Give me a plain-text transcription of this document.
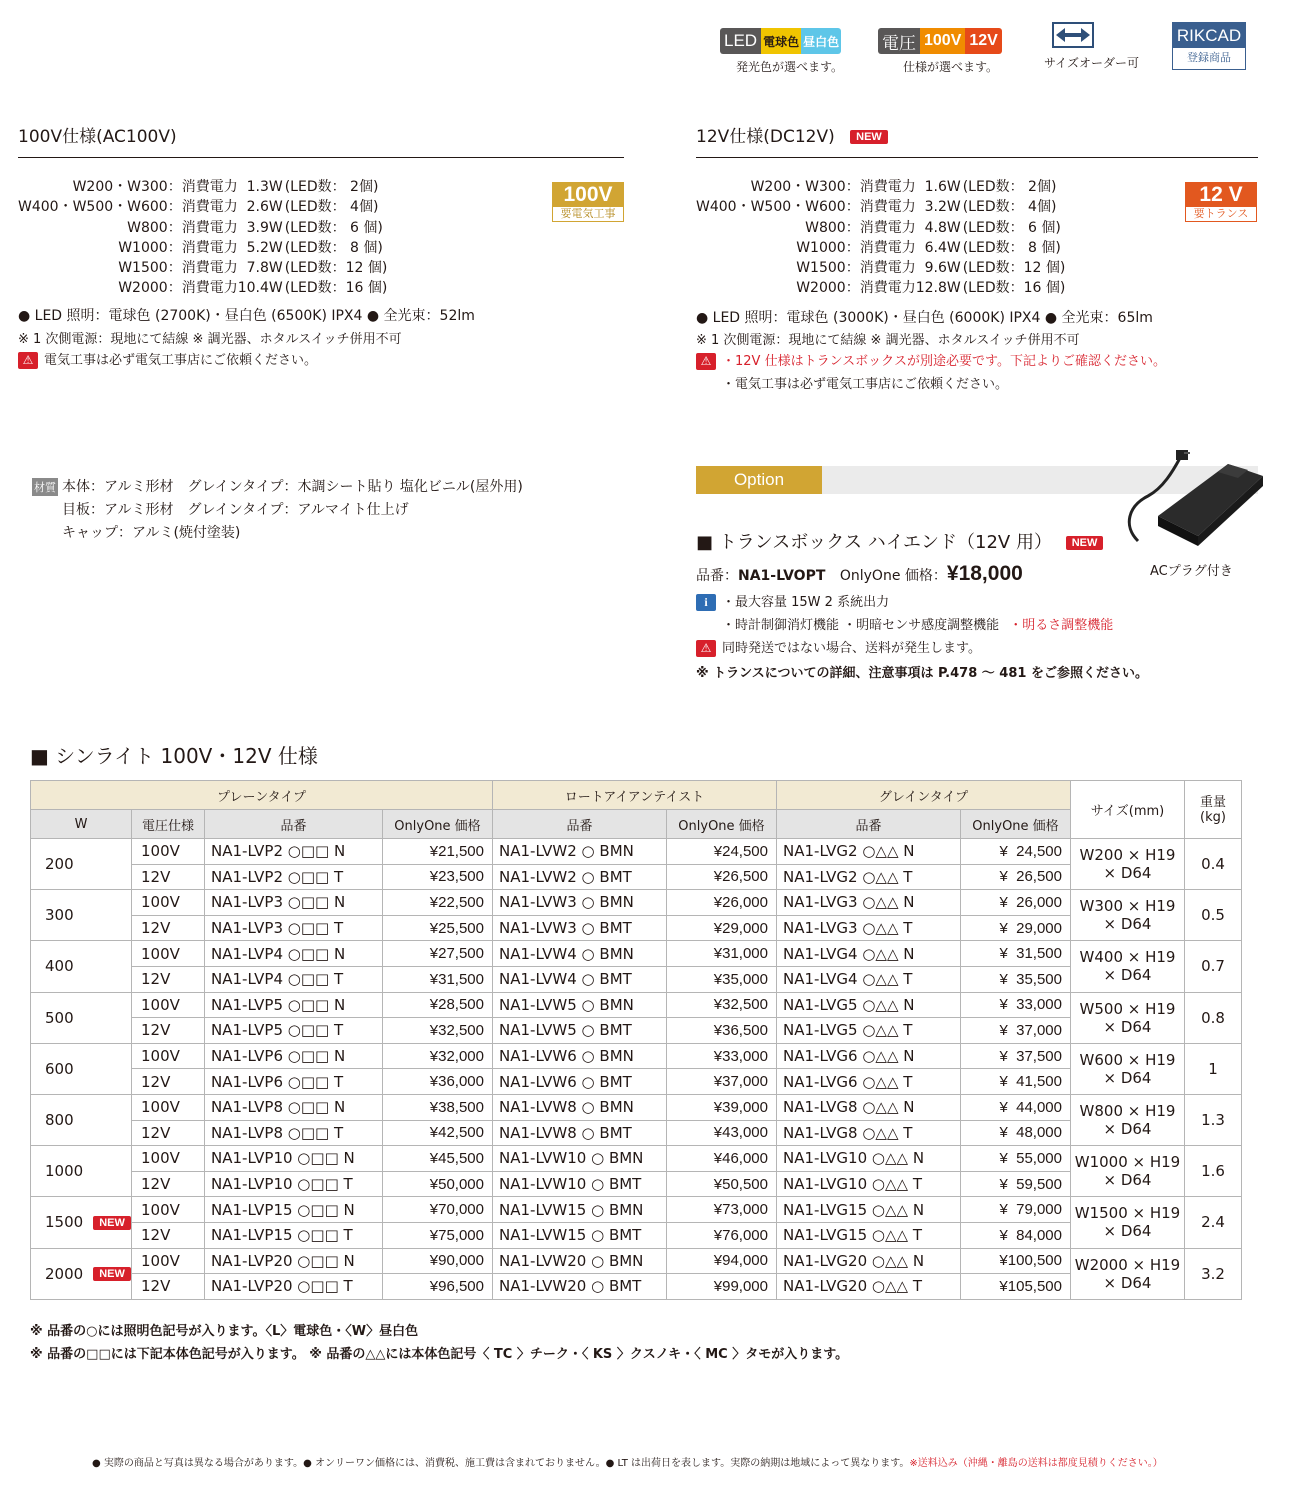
LED 電球色 昼白色
発光色が選べます。
電圧 100V 12V
仕様が選べます。	サイズオーダー可
RIKCAD
登録商品
100V仕様(AC100V)
100V
要電気工事
W200・W300	：消費電力	1.3W	(LED数： 2個)
W400・W500・W600	：消費電力	2.6W	(LED数： 4個)
W800	：消費電力	3.9W	(LED数： 6 個)
W1000	：消費電力	5.2W	(LED数： 8 個)
W1500	：消費電力	7.8W	(LED数：12 個)
W2000	：消費電力	10.4W	(LED数：16 個)
● LED 照明：電球色 (2700K)・昼白色 (6500K) IPX4 ● 全光束：52lm
※ 1 次側電源：現地にて結線 ※ 調光器、ホタルスイッチ併用不可
⚠ 電気工事は必ず電気工事店にご依頼ください。
12V仕様(DC12V) NEW
12 V
要トランス
W200・W300	：消費電力	1.6W	(LED数： 2個)
W400・W500・W600	：消費電力	3.2W	(LED数： 4個)
W800	：消費電力	4.8W	(LED数： 6 個)
W1000	：消費電力	6.4W	(LED数： 8 個)
W1500	：消費電力	9.6W	(LED数：12 個)
W2000	：消費電力	12.8W	(LED数：16 個)
● LED 照明：電球色 (3000K)・昼白色 (6000K) IPX4 ● 全光束：65lm
※ 1 次側電源：現地にて結線 ※ 調光器、ホタルスイッチ併用不可
⚠ ・12V 仕様はトランスボックスが別途必要です。下記よりご確認ください。
・電気工事は必ず電気工事店にご依頼ください。
材質 本体：アルミ形材　グレインタイプ：木調シート貼り 塩化ビニル(屋外用)
目板：アルミ形材　グレインタイプ：アルマイト仕上げ
キャップ：アルミ(焼付塗装)
Option
ACプラグ付き
■ トランスボックス ハイエンド（12V 用） NEW
品番：NA1-LVOPT OnlyOne 価格：¥18,000
i ・最大容量 15W 2 系統出力
・時計制御消灯機能 ・明暗センサ感度調整機能 ・明るさ調整機能
⚠ 同時発送ではない場合、送料が発生します。
※ トランスについての詳細、注意事項は P.478 〜 481 をご参照ください。
■ シンライト 100V・12V 仕様
プレーンタイプ				ロートアイアンテイスト		グレインタイプ		サイズ(mm)	重量
(kg)
W	電圧仕様	品番	OnlyOne 価格	品番	OnlyOne 価格	品番	OnlyOne 価格		
200	100V	NA1-LVP2 ○□□ N	¥21,500	NA1-LVW2 ○ BMN	¥24,500	NA1-LVG2 ○△△ N	¥  24,500	W200 × H19
× D64	0.4
	12V	NA1-LVP2 ○□□ T	¥23,500	NA1-LVW2 ○ BMT	¥26,500	NA1-LVG2 ○△△ T	¥  26,500		
300	100V	NA1-LVP3 ○□□ N	¥22,500	NA1-LVW3 ○ BMN	¥26,000	NA1-LVG3 ○△△ N	¥  26,000	W300 × H19
× D64	0.5
	12V	NA1-LVP3 ○□□ T	¥25,500	NA1-LVW3 ○ BMT	¥29,000	NA1-LVG3 ○△△ T	¥  29,000		
400	100V	NA1-LVP4 ○□□ N	¥27,500	NA1-LVW4 ○ BMN	¥31,000	NA1-LVG4 ○△△ N	¥  31,500	W400 × H19
× D64	0.7
	12V	NA1-LVP4 ○□□ T	¥31,500	NA1-LVW4 ○ BMT	¥35,000	NA1-LVG4 ○△△ T	¥  35,500		
500	100V	NA1-LVP5 ○□□ N	¥28,500	NA1-LVW5 ○ BMN	¥32,500	NA1-LVG5 ○△△ N	¥  33,000	W500 × H19
× D64	0.8
	12V	NA1-LVP5 ○□□ T	¥32,500	NA1-LVW5 ○ BMT	¥36,500	NA1-LVG5 ○△△ T	¥  37,000		
600	100V	NA1-LVP6 ○□□ N	¥32,000	NA1-LVW6 ○ BMN	¥33,000	NA1-LVG6 ○△△ N	¥  37,500	W600 × H19
× D64	1
	12V	NA1-LVP6 ○□□ T	¥36,000	NA1-LVW6 ○ BMT	¥37,000	NA1-LVG6 ○△△ T	¥  41,500		
800	100V	NA1-LVP8 ○□□ N	¥38,500	NA1-LVW8 ○ BMN	¥39,000	NA1-LVG8 ○△△ N	¥  44,000	W800 × H19
× D64	1.3
	12V	NA1-LVP8 ○□□ T	¥42,500	NA1-LVW8 ○ BMT	¥43,000	NA1-LVG8 ○△△ T	¥  48,000		
1000	100V	NA1-LVP10 ○□□ N	¥45,500	NA1-LVW10 ○ BMN	¥46,000	NA1-LVG10 ○△△ N	¥  55,000	W1000 × H19
× D64	1.6
	12V	NA1-LVP10 ○□□ T	¥50,000	NA1-LVW10 ○ BMT	¥50,500	NA1-LVG10 ○△△ T	¥  59,500		
1500 NEW	100V	NA1-LVP15 ○□□ N	¥70,000	NA1-LVW15 ○ BMN	¥73,000	NA1-LVG15 ○△△ N	¥  79,000	W1500 × H19
× D64	2.4
	12V	NA1-LVP15 ○□□ T	¥75,000	NA1-LVW15 ○ BMT	¥76,000	NA1-LVG15 ○△△ T	¥  84,000		
2000 NEW	100V	NA1-LVP20 ○□□ N	¥90,000	NA1-LVW20 ○ BMN	¥94,000	NA1-LVG20 ○△△ N	¥100,500	W2000 × H19
× D64	3.2
	12V	NA1-LVP20 ○□□ T	¥96,500	NA1-LVW20 ○ BMT	¥99,000	NA1-LVG20 ○△△ T	¥105,500		
※ 品番の○には照明色記号が入ります。〈L〉電球色・〈W〉昼白色
※ 品番の□□には下記本体色記号が入ります。 ※ 品番の△△には本体色記号〈 TC 〉チーク・〈 KS 〉クスノキ・〈 MC 〉タモが入ります。
● 実際の商品と写真は異なる場合があります。● オンリーワン価格には、消費税、施工費は含まれておりません。● LT は出荷日を表します。実際の納期は地域によって異なります。※送料込み（沖縄・離島の送料は都度見積りください。）
